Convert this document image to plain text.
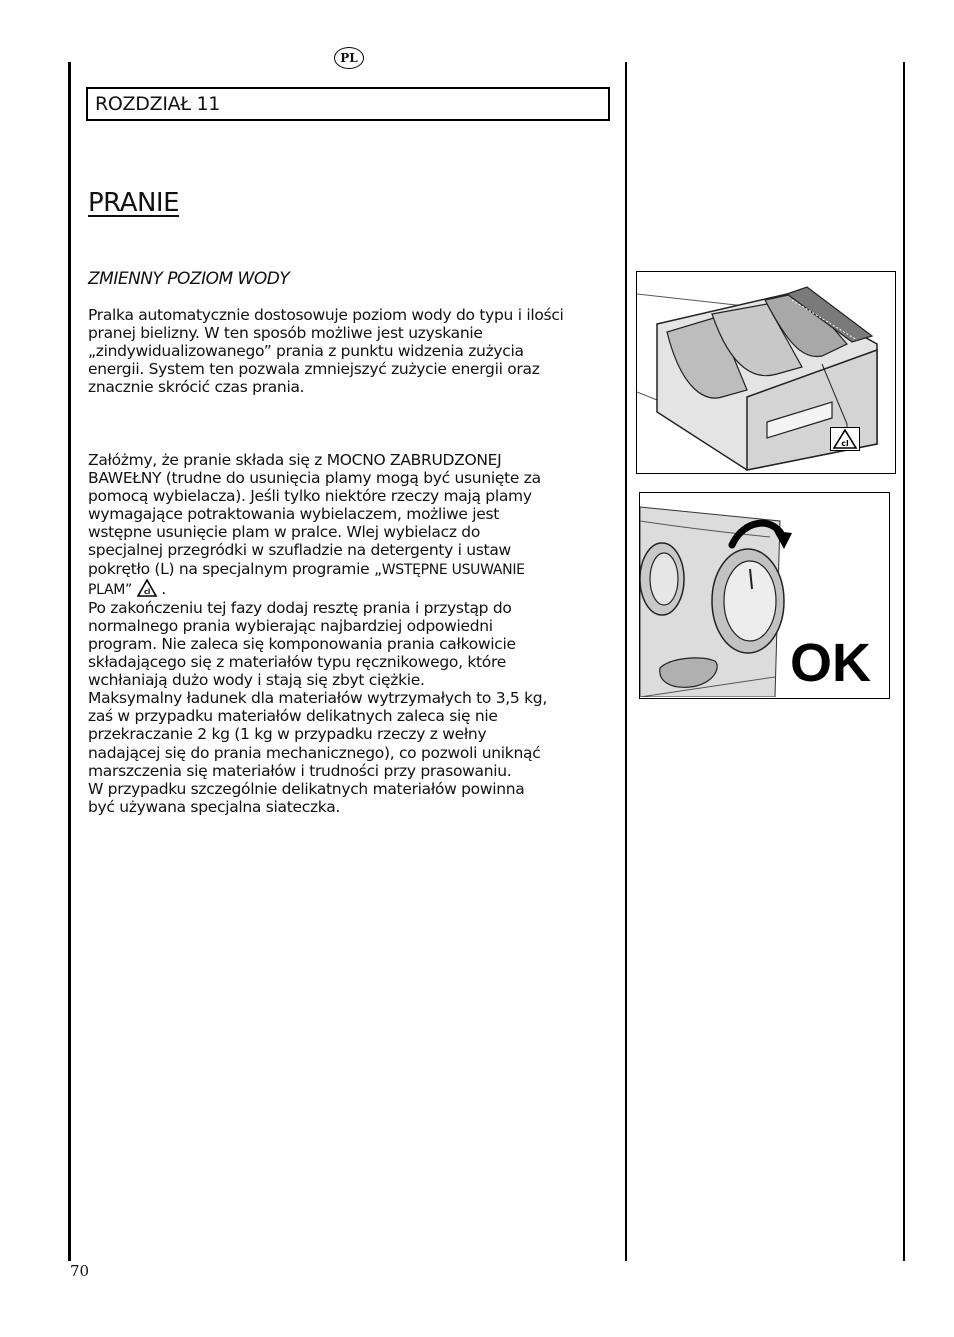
PL
ROZDZIAŁ 11
PRANIE
ZMIENNY POZIOM WODY
Pralka automatycznie dostosowuje poziom wody do typu i ilości
pranej bielizny. W ten sposób możliwe jest uzyskanie
„zindywidualizowanego” prania z punktu widzenia zużycia
energii. System ten pozwala zmniejszyć zużycie energii oraz
znacznie skrócić czas prania.
Załóżmy, że pranie składa się z MOCNO ZABRUDZONEJ
BAWEŁNY (trudne do usunięcia plamy mogą być usunięte za
pomocą wybielacza). Jeśli tylko niektóre rzeczy mają plamy
wymagające potraktowania wybielaczem, możliwe jest
wstępne usunięcie plam w pralce. Wlej wybielacz do
specjalnej przegródki w szufladzie na detergenty i ustaw
pokrętło (L) na specjalnym programie „WSTĘPNE USUWANIE
PLAM” cl .
Po zakończeniu tej fazy dodaj resztę prania i przystąp do
normalnego prania wybierając najbardziej odpowiedni
program. Nie zaleca się komponowania prania całkowicie
składającego się z materiałów typu ręcznikowego, które
wchłaniają dużo wody i stają się zbyt ciężkie.
Maksymalny ładunek dla materiałów wytrzymałych to 3,5 kg,
zaś w przypadku materiałów delikatnych zaleca się nie
przekraczanie 2 kg (1 kg w przypadku rzeczy z wełny
nadającej się do prania mechanicznego), co pozwoli uniknąć
marszczenia się materiałów i trudności przy prasowaniu.
W przypadku szczególnie delikatnych materiałów powinna
być używana specjalna siateczka.
cl
OK
70
